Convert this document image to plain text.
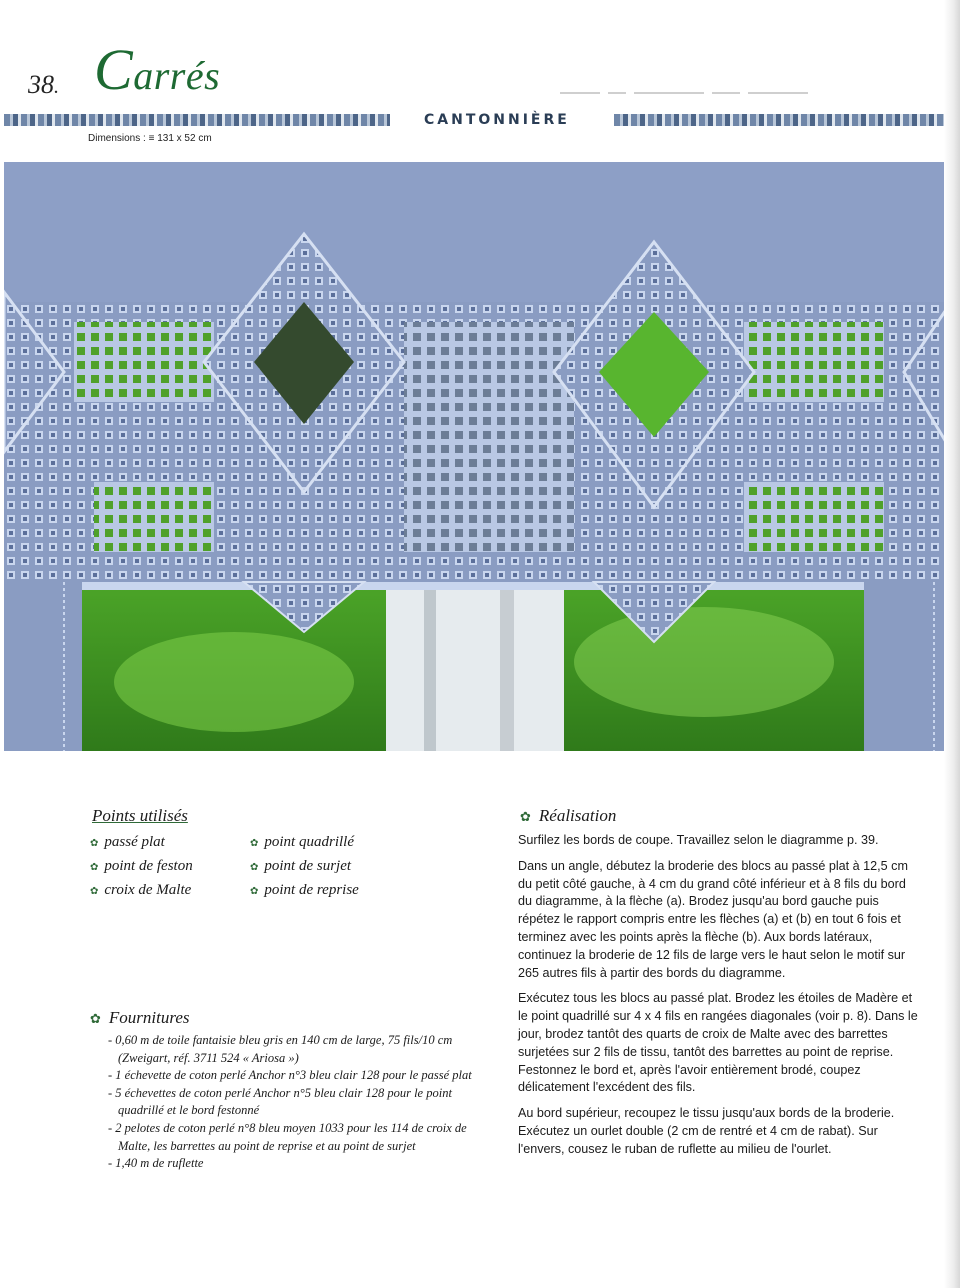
38. Carrés
CANTONNIÈRE
Dimensions : ≡ 131 x 52 cm
Points utilisés
✿ passé plat
✿ point de feston
✿ croix de Malte
✿ point quadrillé
✿ point de surjet
✿ point de reprise
✿ Fournitures
- 0,60 m de toile fantaisie bleu gris en 140 cm de large, 75 fils/10 cm (Zweigart, réf. 3711 524 « Ariosa »)
- 1 échevette de coton perlé Anchor n°3 bleu clair 128 pour le passé plat
- 5 échevettes de coton perlé Anchor n°5 bleu clair 128 pour le point quadrillé et le bord festonné
- 2 pelotes de coton perlé n°8 bleu moyen 1033 pour les 114 de croix de Malte, les barrettes au point de reprise et au point de surjet
- 1,40 m de ruflette
✿ Réalisation

Surfilez les bords de coupe. Travaillez selon le diagramme p. 39.

Dans un angle, débutez la broderie des blocs au passé plat à 12,5 cm du petit côté gauche, à 4 cm du grand côté inférieur et à 8 fils du bord du diagramme, à la flèche (a). Brodez jusqu'au bord gauche puis répétez le rapport compris entre les flèches (a) et (b) en tout 6 fois et terminez avec les points après la flèche (b). Aux bords latéraux, continuez la broderie de 12 fils de large vers le haut selon le motif sur 265 autres fils à partir des bords du diagramme.

Exécutez tous les blocs au passé plat. Brodez les étoiles de Madère et le point quadrillé sur 4 x 4 fils en rangées diagonales (voir p. 8). Dans le jour, brodez tantôt des quarts de croix de Malte avec des barrettes surjetées sur 2 fils de tissu, tantôt des barrettes au point de reprise. Festonnez le bord et, après l'avoir entièrement brodé, coupez délicatement l'excédent des fils.

Au bord supérieur, recoupez le tissu jusqu'aux bords de la broderie. Exécutez un ourlet double (2 cm de rentré et 4 cm de rabat). Sur l'envers, cousez le ruban de ruflette au milieu de l'ourlet.
